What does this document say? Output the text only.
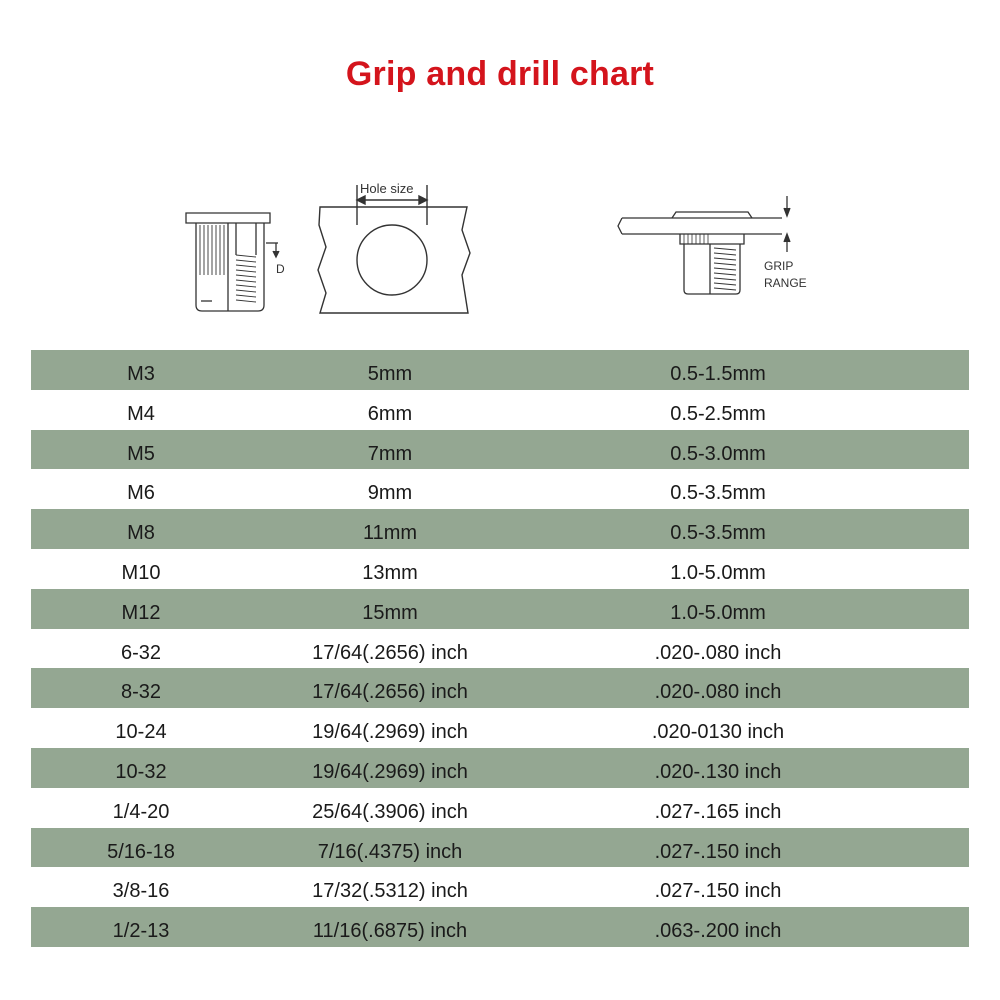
Grip and drill chart
D
Hole size
GRIP
RANGE
M3	5mm	0.5-1.5mm
M4	6mm	0.5-2.5mm
M5	7mm	0.5-3.0mm
M6	9mm	0.5-3.5mm
M8	11mm	0.5-3.5mm
M10	13mm	1.0-5.0mm
M12	15mm	1.0-5.0mm
6-32	17/64(.2656) inch	.020-.080 inch
8-32	17/64(.2656) inch	.020-.080 inch
10-24	19/64(.2969) inch	.020-0130 inch
10-32	19/64(.2969) inch	.020-.130 inch
1/4-20	25/64(.3906) inch	.027-.165 inch
5/16-18	7/16(.4375) inch	.027-.150 inch
3/8-16	17/32(.5312) inch	.027-.150 inch
1/2-13	11/16(.6875) inch	.063-.200 inch
